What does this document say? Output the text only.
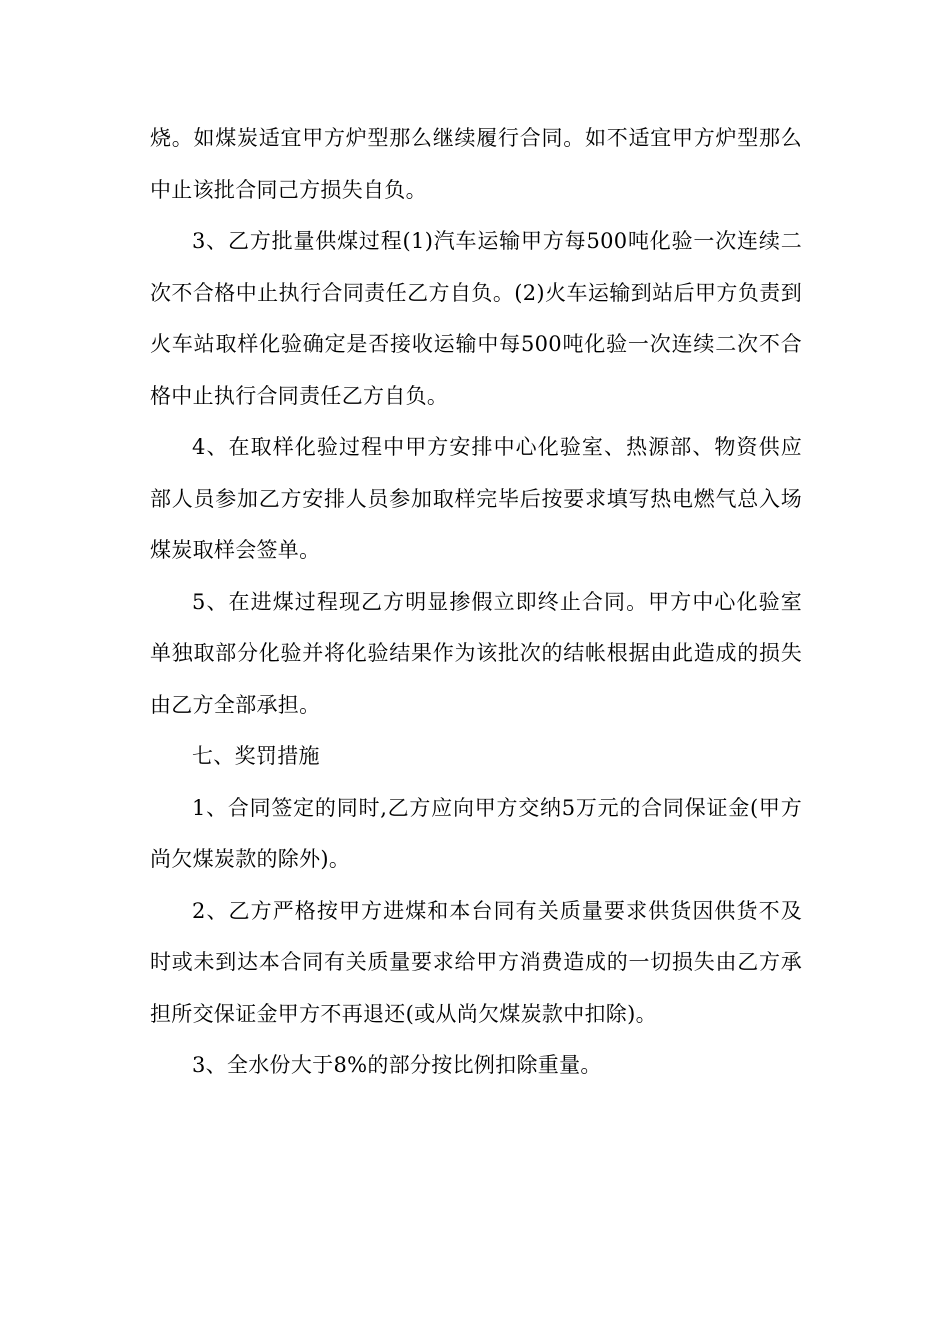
烧。如煤炭适宜甲方炉型那么继续履行合同。如不适宜甲方炉型那么中止该批合同己方损失自负。

3、乙方批量供煤过程(1)汽车运输甲方每500吨化验一次连续二次不合格中止执行合同责任乙方自负。(2)火车运输到站后甲方负责到火车站取样化验确定是否接收运输中每500吨化验一次连续二次不合格中止执行合同责任乙方自负。

4、在取样化验过程中甲方安排中心化验室、热源部、物资供应部人员参加乙方安排人员参加取样完毕后按要求填写热电燃气总入场煤炭取样会签单。

5、在进煤过程现乙方明显掺假立即终止合同。甲方中心化验室单独取部分化验并将化验结果作为该批次的结帐根据由此造成的损失由乙方全部承担。

七、奖罚措施

1、合同签定的同时,乙方应向甲方交纳5万元的合同保证金(甲方尚欠煤炭款的除外)。

2、乙方严格按甲方进煤和本台同有关质量要求供货因供货不及时或未到达本合同有关质量要求给甲方消费造成的一切损失由乙方承担所交保证金甲方不再退还(或从尚欠煤炭款中扣除)。

3、全水份大于8%的部分按比例扣除重量。
